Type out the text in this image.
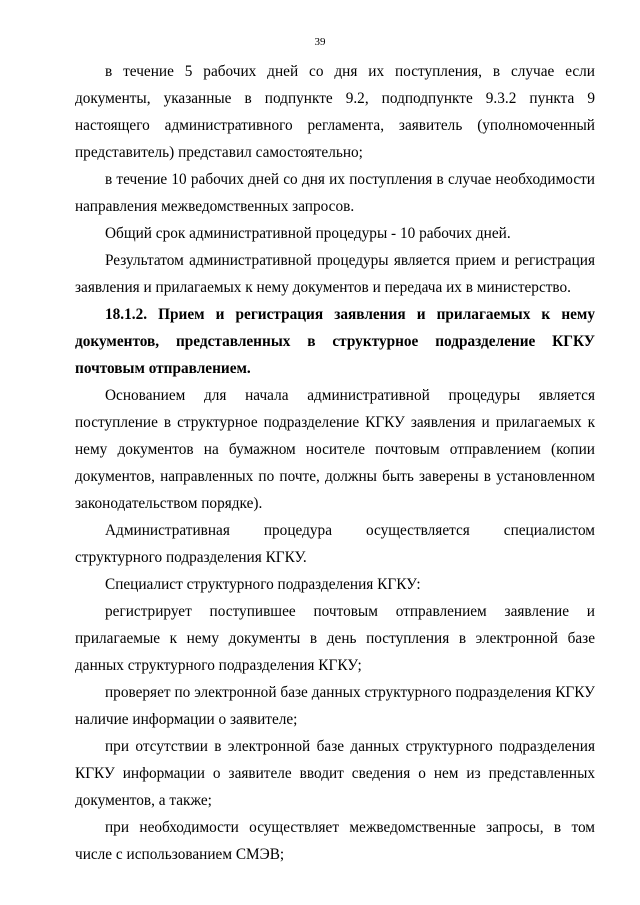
39

в течение 5 рабочих дней со дня их поступления, в случае если документы, указанные в подпункте 9.2, подподпункте 9.3.2 пункта 9 настоящего административного регламента, заявитель (уполномоченный представитель) представил самостоятельно;

в течение 10 рабочих дней со дня их поступления в случае необходимости направления межведомственных запросов.

Общий срок административной процедуры - 10 рабочих дней.

Результатом административной процедуры является прием и регистрация заявления и прилагаемых к нему документов и передача их в министерство.

18.1.2. Прием и регистрация заявления и прилагаемых к нему документов, представленных в структурное подразделение КГКУ почтовым отправлением.

Основанием для начала административной процедуры является поступление в структурное подразделение КГКУ заявления и прилагаемых к нему документов на бумажном носителе почтовым отправлением (копии документов, направленных по почте, должны быть заверены в установленном законодательством порядке).

Административная процедура осуществляется специалистом структурного подразделения КГКУ.

Специалист структурного подразделения КГКУ:

регистрирует поступившее почтовым отправлением заявление и прилагаемые к нему документы в день поступления в электронной базе данных структурного подразделения КГКУ;

проверяет по электронной базе данных структурного подразделения КГКУ наличие информации о заявителе;

при отсутствии в электронной базе данных структурного подразделения КГКУ информации о заявителе вводит сведения о нем из представленных документов, а также;

при необходимости осуществляет межведомственные запросы, в том числе с использованием СМЭВ;
